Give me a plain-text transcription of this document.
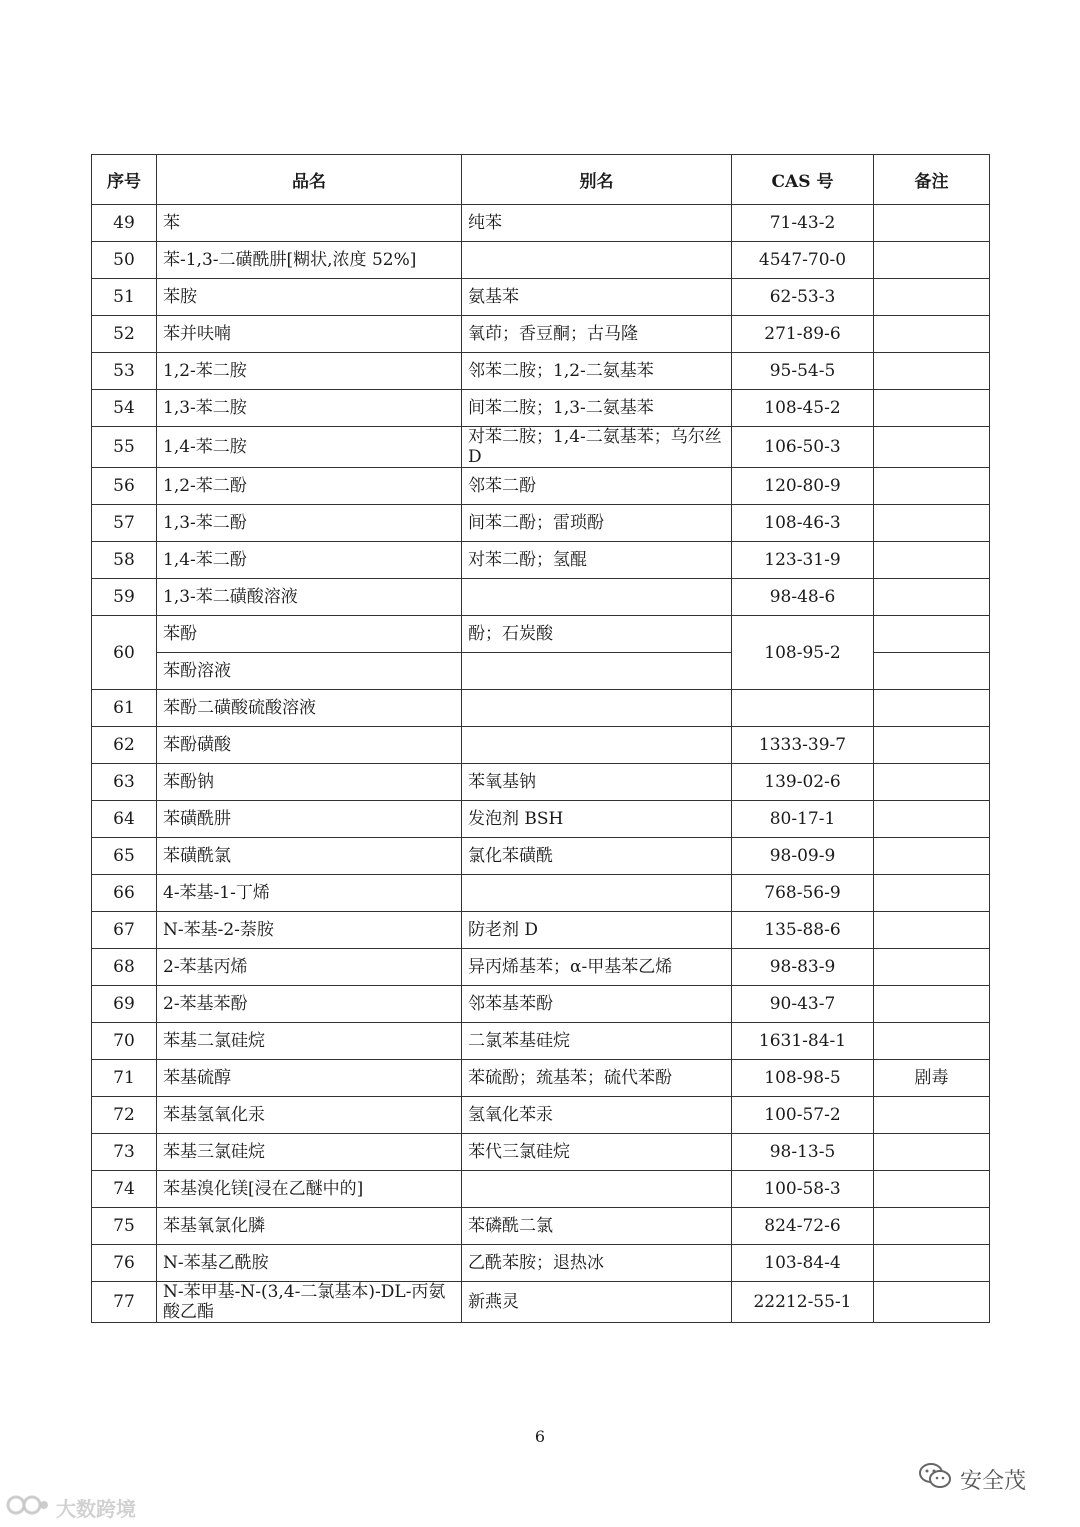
序号	品名	别名	CAS 号	备注
49	苯	纯苯	71-43-2	
50	苯-1,3-二磺酰肼[糊状,浓度 52%]		4547-70-0	
51	苯胺	氨基苯	62-53-3	
52	苯并呋喃	氧茚；香豆酮；古马隆	271-89-6	
53	1,2-苯二胺	邻苯二胺；1,2-二氨基苯	95-54-5	
54	1,3-苯二胺	间苯二胺；1,3-二氨基苯	108-45-2	
55	1,4-苯二胺	对苯二胺；1,4-二氨基苯；乌尔丝 D	106-50-3	
56	1,2-苯二酚	邻苯二酚	120-80-9	
57	1,3-苯二酚	间苯二酚；雷琐酚	108-46-3	
58	1,4-苯二酚	对苯二酚；氢醌	123-31-9	
59	1,3-苯二磺酸溶液		98-48-6	
60	苯酚	酚；石炭酸	108-95-2	
	苯酚溶液			
61	苯酚二磺酸硫酸溶液			
62	苯酚磺酸		1333-39-7	
63	苯酚钠	苯氧基钠	139-02-6	
64	苯磺酰肼	发泡剂 BSH	80-17-1	
65	苯磺酰氯	氯化苯磺酰	98-09-9	
66	4-苯基-1-丁烯		768-56-9	
67	N-苯基-2-萘胺	防老剂 D	135-88-6	
68	2-苯基丙烯	异丙烯基苯；α-甲基苯乙烯	98-83-9	
69	2-苯基苯酚	邻苯基苯酚	90-43-7	
70	苯基二氯硅烷	二氯苯基硅烷	1631-84-1	
71	苯基硫醇	苯硫酚；巯基苯；硫代苯酚	108-98-5	剧毒
72	苯基氢氧化汞	氢氧化苯汞	100-57-2	
73	苯基三氯硅烷	苯代三氯硅烷	98-13-5	
74	苯基溴化镁[浸在乙醚中的]		100-58-3	
75	苯基氧氯化膦	苯磷酰二氯	824-72-6	
76	N-苯基乙酰胺	乙酰苯胺；退热冰	103-84-4	
77	N-苯甲基-N-(3,4-二氯基本)-DL-丙氨酸乙酯	新燕灵	22212-55-1	
6
安全茂
大数跨境
